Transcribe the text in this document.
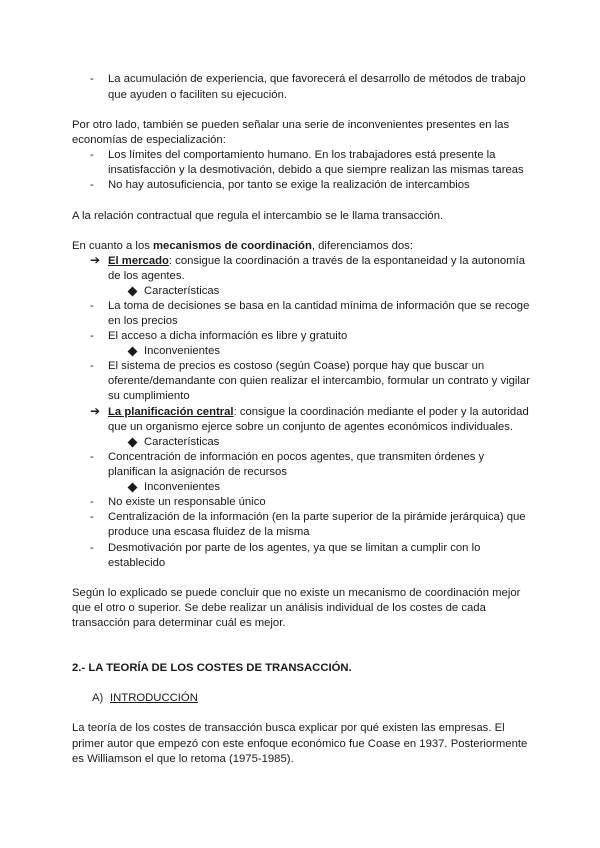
- La acumulación de experiencia, que favorecerá el desarrollo de métodos de trabajo
que ayuden o faciliten su ejecución.
Por otro lado, también se pueden señalar una serie de inconvenientes presentes en las
economías de especialización:
- Los límites del comportamiento humano. En los trabajadores está presente la
insatisfacción y la desmotivación, debido a que siempre realizan las mismas tareas
- No hay autosuficiencia, por tanto se exige la realización de intercambios
A la relación contractual que regula el intercambio se le llama transacción.
En cuanto a los mecanismos de coordinación, diferenciamos dos:
➔ El mercado: consigue la coordinación a través de la espontaneidad y la autonomía
de los agentes.
Características
- La toma de decisiones se basa en la cantidad mínima de información que se recoge
en los precios
- El acceso a dicha información es libre y gratuito
Inconvenientes
- El sistema de precios es costoso (según Coase) porque hay que buscar un
oferente/demandante con quien realizar el intercambio, formular un contrato y vigilar
su cumplimiento
➔ La planificación central: consigue la coordinación mediante el poder y la autoridad
que un organismo ejerce sobre un conjunto de agentes económicos individuales.
Características
- Concentración de información en pocos agentes, que transmiten órdenes y
planifican la asignación de recursos
Inconvenientes
- No existe un responsable único
- Centralización de la información (en la parte superior de la pirámide jerárquica) que
produce una escasa fluidez de la misma
- Desmotivación por parte de los agentes, ya que se limitan a cumplir con lo
establecido
Según lo explicado se puede concluir que no existe un mecanismo de coordinación mejor
que el otro o superior. Se debe realizar un análisis individual de los costes de cada
transacción para determinar cuál es mejor.
2.- LA TEORÍA DE LOS COSTES DE TRANSACCIÓN.
A) INTRODUCCIÓN
La teoría de los costes de transacción busca explicar por qué existen las empresas. El
primer autor que empezó con este enfoque económico fue Coase en 1937. Posteriormente
es Williamson el que lo retoma (1975-1985).
